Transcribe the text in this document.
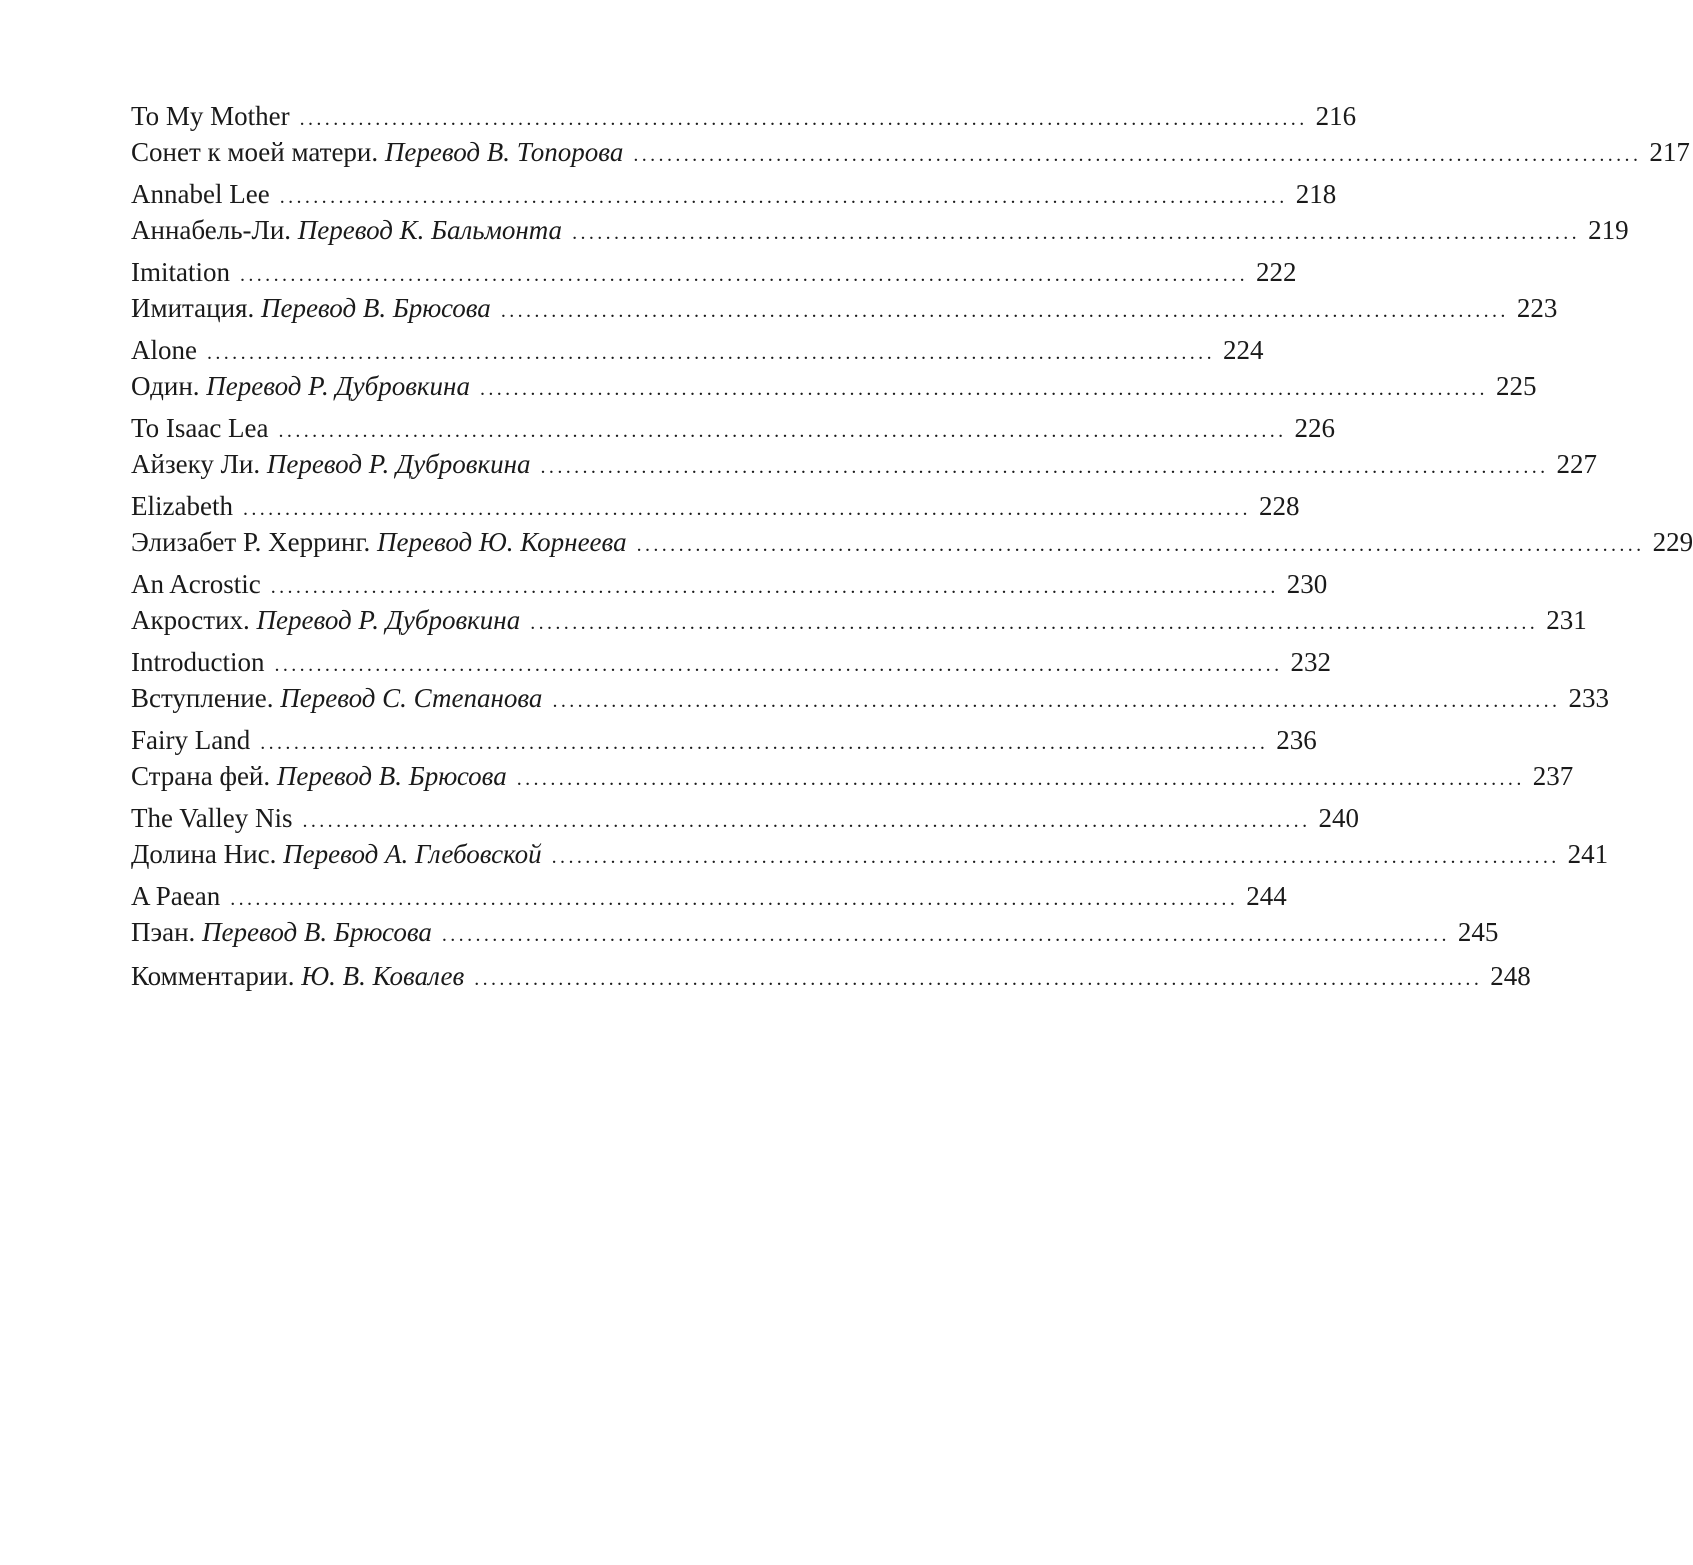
To My Mother ........................................................................................................................ 216
Сонет к моей матери. Перевод В. Топорова ........................................................................................................................ 217
Annabel Lee ........................................................................................................................ 218
Аннабель-Ли. Перевод К. Бальмонта ........................................................................................................................ 219
Imitation ........................................................................................................................ 222
Имитация. Перевод В. Брюсова ........................................................................................................................ 223
Alone ........................................................................................................................ 224
Один. Перевод Р. Дубровкина ........................................................................................................................ 225
To Isaac Lea ........................................................................................................................ 226
Айзеку Ли. Перевод Р. Дубровкина ........................................................................................................................ 227
Elizabeth ........................................................................................................................ 228
Элизабет Р. Херринг. Перевод Ю. Корнеева ........................................................................................................................ 229
An Acrostic ........................................................................................................................ 230
Акростих. Перевод Р. Дубровкина ........................................................................................................................ 231
Introduction ........................................................................................................................ 232
Вступление. Перевод С. Степанова ........................................................................................................................ 233
Fairy Land ........................................................................................................................ 236
Страна фей. Перевод В. Брюсова ........................................................................................................................ 237
The Valley Nis ........................................................................................................................ 240
Долина Нис. Перевод А. Глебовской ........................................................................................................................ 241
A Paean ........................................................................................................................ 244
Пэан. Перевод В. Брюсова ........................................................................................................................ 245
Комментарии. Ю. В. Ковалев ........................................................................................................................ 248
